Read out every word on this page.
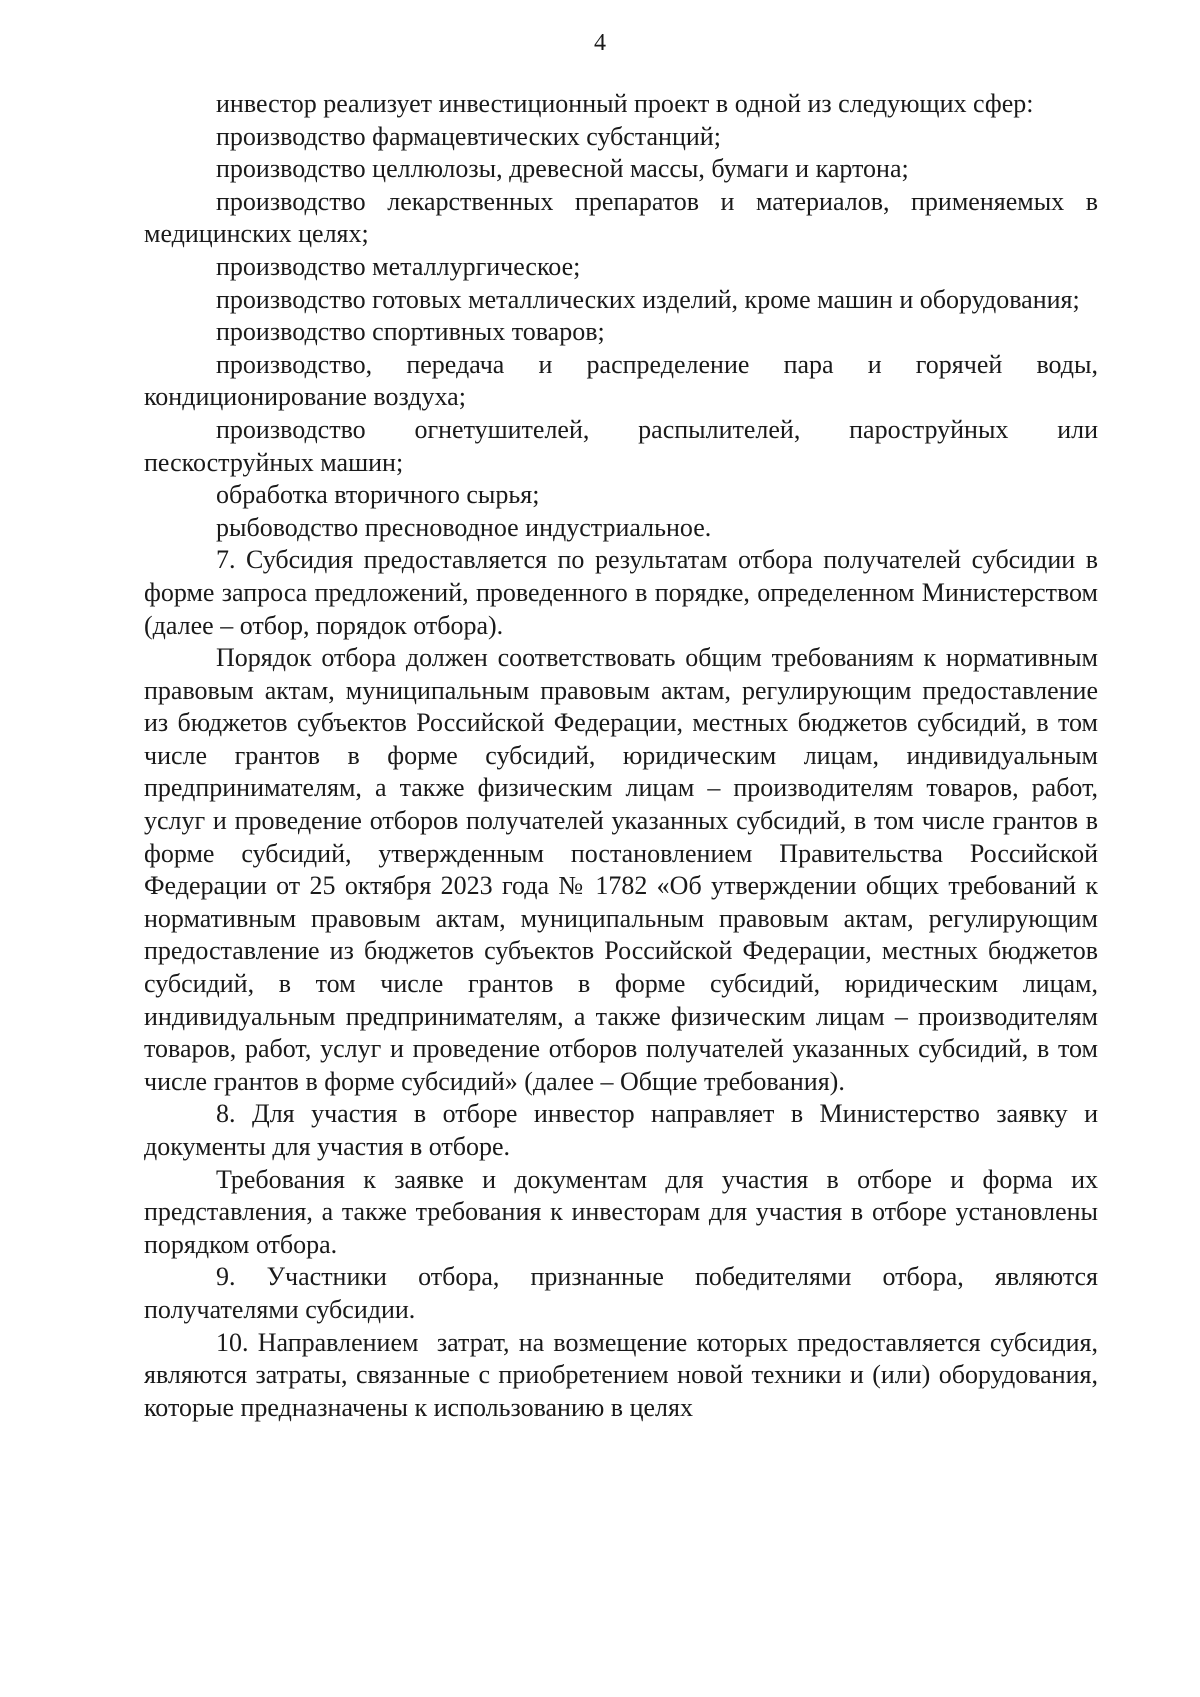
4

инвестор реализует инвестиционный проект в одной из следующих сфер:

производство фармацевтических субстанций;

производство целлюлозы, древесной массы, бумаги и картона;

производство лекарственных препаратов и материалов, применяемых в медицинских целях;

производство металлургическое;

производство готовых металлических изделий, кроме машин и оборудования;

производство спортивных товаров;

производство, передача и распределение пара и горячей воды, кондиционирование воздуха;

производство огнетушителей, распылителей, пароструйных или пескоструйных машин;

обработка вторичного сырья;

рыбоводство пресноводное индустриальное.

7. Субсидия предоставляется по результатам отбора получателей субсидии в форме запроса предложений, проведенного в порядке, определенном Министерством (далее – отбор, порядок отбора).

Порядок отбора должен соответствовать общим требованиям к нормативным правовым актам, муниципальным правовым актам, регулирующим предоставление из бюджетов субъектов Российской Федерации, местных бюджетов субсидий, в том числе грантов в форме субсидий, юридическим лицам, индивидуальным предпринимателям, а также физическим лицам – производителям товаров, работ, услуг и проведение отборов получателей указанных субсидий, в том числе грантов в форме субсидий, утвержденным постановлением Правительства Российской Федерации от 25 октября 2023 года № 1782 «Об утверждении общих требований к нормативным правовым актам, муниципальным правовым актам, регулирующим предоставление из бюджетов субъектов Российской Федерации, местных бюджетов субсидий, в том числе грантов в форме субсидий, юридическим лицам, индивидуальным предпринимателям, а также физическим лицам – производителям товаров, работ, услуг и проведение отборов получателей указанных субсидий, в том числе грантов в форме субсидий» (далее – Общие требования).

8. Для участия в отборе инвестор направляет в Министерство заявку и документы для участия в отборе.

Требования к заявке и документам для участия в отборе и форма их представления, а также требования к инвесторам для участия в отборе установлены порядком отбора.

9. Участники отбора, признанные победителями отбора, являются получателями субсидии.

10. Направлением  затрат, на возмещение которых предоставляется субсидия, являются затраты, связанные с приобретением новой техники и (или) оборудования, которые предназначены к использованию в целях
